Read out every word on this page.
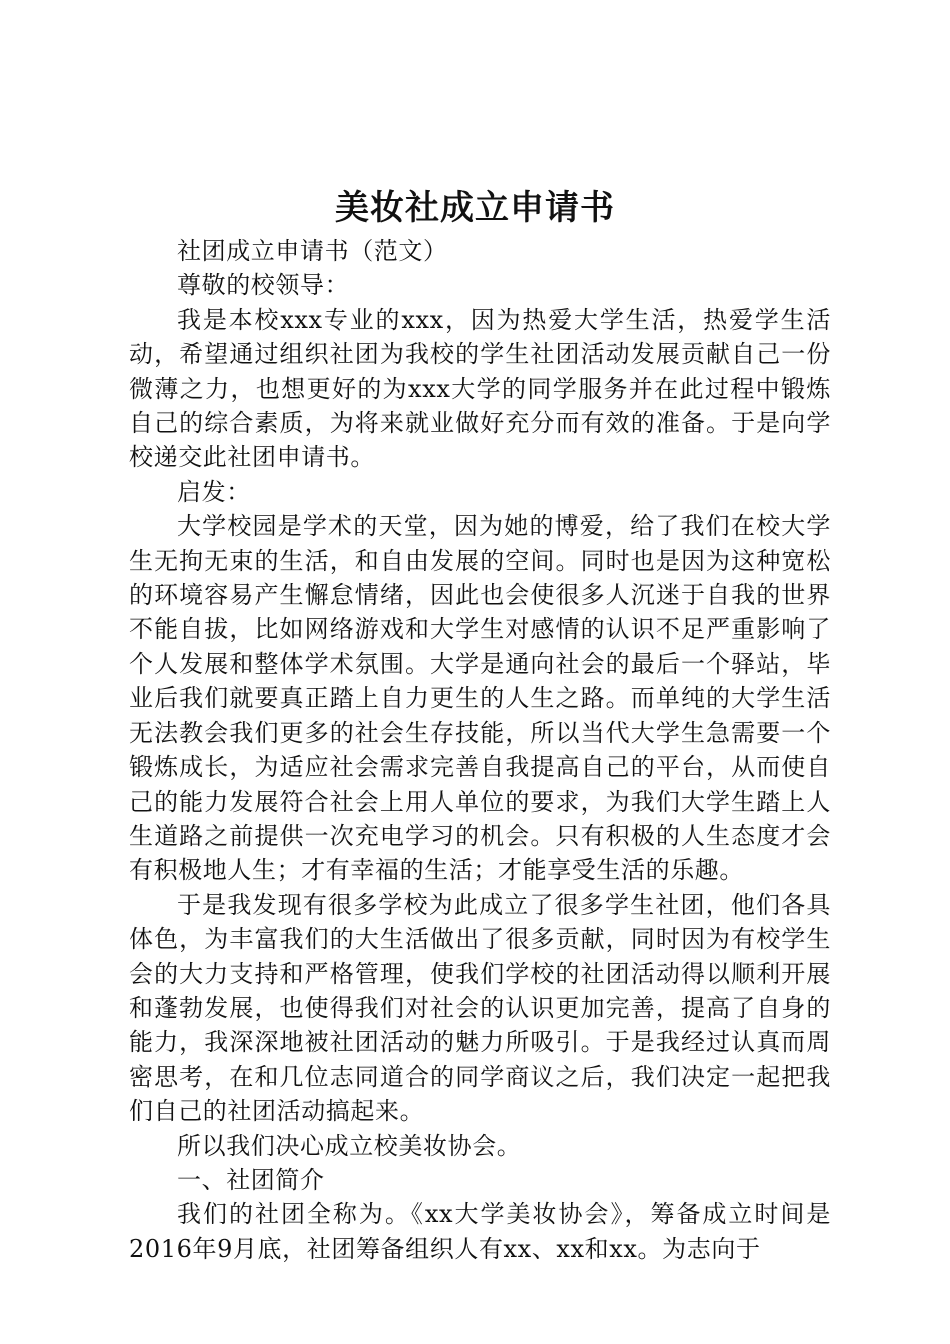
美妆社成立申请书

社团成立申请书（范文）

尊敬的校领导：

我是本校xxx专业的xxx，因为热爱大学生活，热爱学生活动，希望通过组织社团为我校的学生社团活动发展贡献自己一份微薄之力，也想更好的为xxx大学的同学服务并在此过程中锻炼自己的综合素质，为将来就业做好充分而有效的准备。于是向学校递交此社团申请书。

启发：

大学校园是学术的天堂，因为她的博爱，给了我们在校大学生无拘无束的生活，和自由发展的空间。同时也是因为这种宽松的环境容易产生懈怠情绪，因此也会使很多人沉迷于自我的世界不能自拔，比如网络游戏和大学生对感情的认识不足严重影响了个人发展和整体学术氛围。大学是通向社会的最后一个驿站，毕业后我们就要真正踏上自力更生的人生之路。而单纯的大学生活无法教会我们更多的社会生存技能，所以当代大学生急需要一个锻炼成长，为适应社会需求完善自我提高自己的平台，从而使自己的能力发展符合社会上用人单位的要求，为我们大学生踏上人生道路之前提供一次充电学习的机会。只有积极的人生态度才会有积极地人生；才有幸福的生活；才能享受生活的乐趣。

于是我发现有很多学校为此成立了很多学生社团，他们各具体色，为丰富我们的大生活做出了很多贡献，同时因为有校学生会的大力支持和严格管理，使我们学校的社团活动得以顺利开展和蓬勃发展，也使得我们对社会的认识更加完善，提高了自身的能力，我深深地被社团活动的魅力所吸引。于是我经过认真而周密思考，在和几位志同道合的同学商议之后，我们决定一起把我们自己的社团活动搞起来。

所以我们决心成立校美妆协会。

一、社团简介

我们的社团全称为。《xx大学美妆协会》，筹备成立时间是2016年9月底，社团筹备组织人有xx、xx和xx。为志向于
